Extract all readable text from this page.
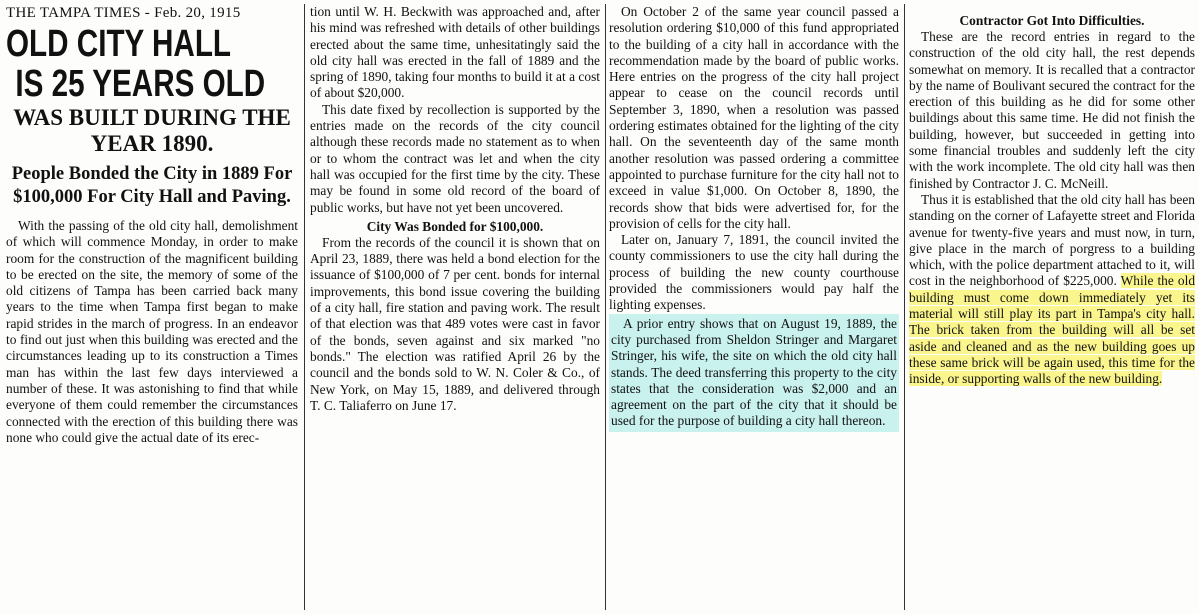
THE TAMPA TIMES - Feb. 20, 1915
OLD CITY HALL
IS 25 YEARS OLD
WAS BUILT DURING THE YEAR 1890.
People Bonded the City in 1889 For $100,000 For City Hall and Paving.
With the passing of the old city hall, demolishment of which will commence Monday, in order to make room for the construction of the magnificent building to be erected on the site, the memory of some of the old citizens of Tampa has been carried back many years to the time when Tampa first began to make rapid strides in the march of progress. In an endeavor to find out just when this building was erected and the circumstances leading up to its construction a Times man has within the last few days interviewed a number of these. It was astonishing to find that while everyone of them could remember the circumstances connected with the erection of this building there was none who could give the actual date of its erec-
tion until W. H. Beckwith was approached and, after his mind was refreshed with details of other buildings erected about the same time, unhesitatingly said the old city hall was erected in the fall of 1889 and the spring of 1890, taking four months to build it at a cost of about $20,000.
This date fixed by recollection is supported by the entries made on the records of the city council although these records made no statement as to when or to whom the contract was let and when the city hall was occupied for the first time by the city. These may be found in some old record of the board of public works, but have not yet been uncovered.
City Was Bonded for $100,000.
From the records of the council it is shown that on April 23, 1889, there was held a bond election for the issuance of $100,000 of 7 per cent. bonds for internal improvements, this bond issue covering the building of a city hall, fire station and paving work. The result of that election was that 489 votes were cast in favor of the bonds, seven against and six marked "no bonds." The election was ratified April 26 by the council and the bonds sold to W. N. Coler & Co., of New York, on May 15, 1889, and delivered through T. C. Taliaferro on June 17.
On October 2 of the same year council passed a resolution ordering $10,000 of this fund appropriated to the building of a city hall in accordance with the recommendation made by the board of public works. Here entries on the progress of the city hall project appear to cease on the council records until September 3, 1890, when a resolution was passed ordering estimates obtained for the lighting of the city hall. On the seventeenth day of the same month another resolution was passed ordering a committee appointed to purchase furniture for the city hall not to exceed in value $1,000. On October 8, 1890, the records show that bids were advertised for, for the provision of cells for the city hall.
Later on, January 7, 1891, the council invited the county commissioners to use the city hall during the process of building the new county courthouse provided the commissioners would pay half the lighting expenses.
A prior entry shows that on August 19, 1889, the city purchased from Sheldon Stringer and Margaret Stringer, his wife, the site on which the old city hall stands. The deed transferring this property to the city states that the consideration was $2,000 and an agreement on the part of the city that it should be used for the purpose of building a city hall thereon.
Contractor Got Into Difficulties.
These are the record entries in regard to the construction of the old city hall, the rest depends somewhat on memory. It is recalled that a contractor by the name of Boulivant secured the contract for the erection of this building as he did for some other buildings about this same time. He did not finish the building, however, but succeeded in getting into some financial troubles and suddenly left the city with the work incomplete. The old city hall was then finished by Contractor J. C. McNeill.
Thus it is established that the old city hall has been standing on the corner of Lafayette street and Florida avenue for twenty-five years and must now, in turn, give place in the march of porgress to a building which, with the police department attached to it, will cost in the neighborhood of $225,000. While the old building must come down immediately yet its material will still play its part in Tampa's city hall. The brick taken from the building will all be set aside and cleaned and as the new building goes up these same brick will be again used, this time for the inside, or supporting walls of the new building.
